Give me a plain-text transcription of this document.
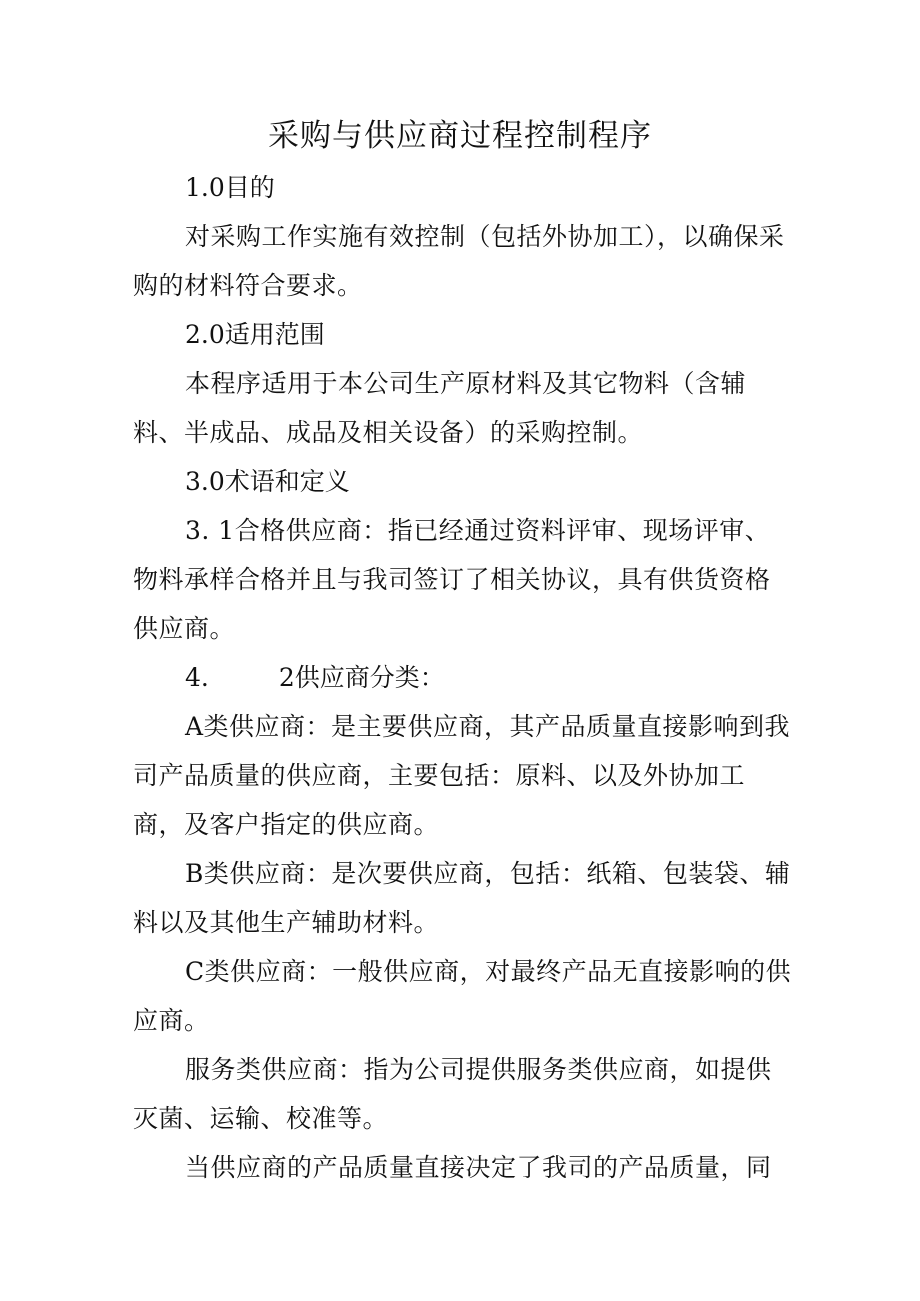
采购与供应商过程控制程序

1.0目的

对采购工作实施有效控制（包括外协加工），以确保采购的材料符合要求。

2.0适用范围

本程序适用于本公司生产原材料及其它物料（含辅料、半成品、成品及相关设备）的采购控制。

3.0术语和定义

3. 1合格供应商：指已经通过资料评审、现场评审、物料承样合格并且与我司签订了相关协议，具有供货资格供应商。

4.	2供应商分类：

A类供应商：是主要供应商，其产品质量直接影响到我司产品质量的供应商，主要包括：原料、以及外协加工商，及客户指定的供应商。

B类供应商：是次要供应商，包括：纸箱、包装袋、辅料以及其他生产辅助材料。

C类供应商：一般供应商，对最终产品无直接影响的供应商。

服务类供应商：指为公司提供服务类供应商，如提供灭菌、运输、校准等。

当供应商的产品质量直接决定了我司的产品质量，同
